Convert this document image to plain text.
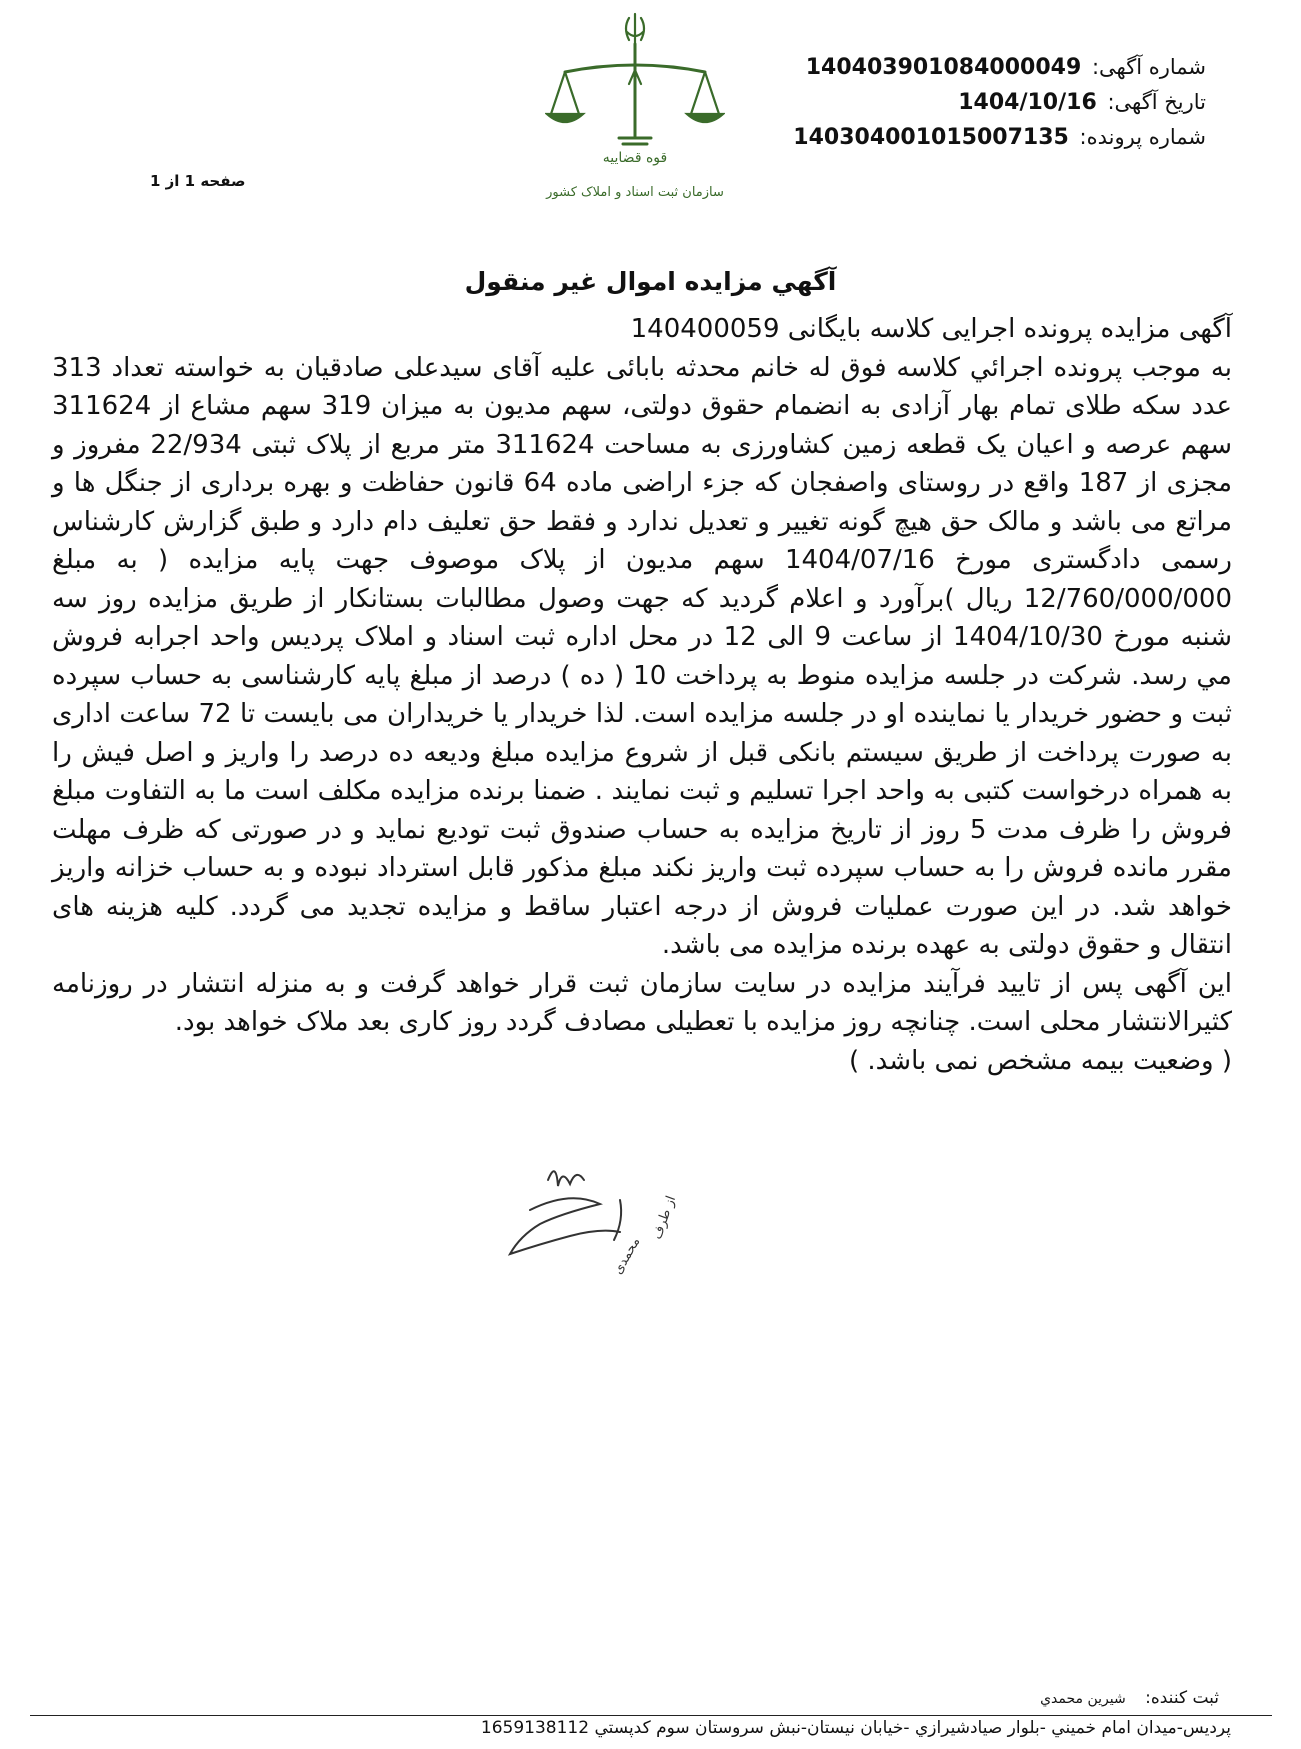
قوه قضاییه
سازمان ثبت اسناد و املاک کشور
شماره آگهی: 140403901084000049
تاریخ آگهی: 1404/10/16
شماره پرونده: 140304001015007135
صفحه 1 از 1
آگهي مزايده اموال غير منقول

آگهی مزایده پرونده اجرایی کلاسه بایگانی 140400059

به موجب پرونده اجرائي كلاسه فوق له خانم محدثه بابائی علیه آقای سیدعلی صادقیان به خواسته تعداد 313 عدد سکه طلای تمام بهار آزادی به انضمام حقوق دولتی، سهم مدیون به میزان 319 سهم مشاع از 311624 سهم عرصه و اعیان یک قطعه زمین کشاورزی به مساحت 311624 متر مربع از پلاک ثبتی 22/934 مفروز و مجزی از 187 واقع در روستای واصفجان که جزء اراضی ماده 64 قانون حفاظت و بهره برداری از جنگل ها و مراتع می باشد و مالک حق هیچ گونه تغییر و تعدیل ندارد و فقط حق تعلیف دام دارد و طبق گزارش کارشناس رسمی دادگستری مورخ 1404/07/16 سهم مدیون از پلاک موصوف جهت پایه مزایده ( به مبلغ 12/760/000/000 ریال )برآورد و اعلام گردید که جهت وصول مطالبات بستانکار از طریق مزایده روز سه شنبه مورخ 1404/10/30 از ساعت 9 الی 12 در محل اداره ثبت اسناد و املاک پردیس واحد اجرابه فروش مي رسد. شرکت در جلسه مزایده منوط به پرداخت 10 ( ده ) درصد از مبلغ پایه کارشناسی به حساب سپرده ثبت و حضور خریدار یا نماینده او در جلسه مزایده است. لذا خریدار یا خریداران می بایست تا 72 ساعت اداری به صورت پرداخت از طریق سیستم بانکی قبل از شروع مزایده مبلغ ودیعه ده درصد را واریز و اصل فیش را به همراه درخواست کتبی به واحد اجرا تسلیم و ثبت نمایند . ضمنا برنده مزایده مکلف است ما به التفاوت مبلغ فروش را ظرف مدت 5 روز از تاریخ مزایده به حساب صندوق ثبت تودیع نماید و در صورتی که ظرف مهلت مقرر مانده فروش را به حساب سپرده ثبت واریز نکند مبلغ مذکور قابل استرداد نبوده و به حساب خزانه واریز خواهد شد. در این صورت عملیات فروش از درجه اعتبار ساقط و مزایده تجدید می گردد. کلیه هزینه های انتقال و حقوق دولتی به عهده برنده مزایده می باشد.

این آگهی پس از تایید فرآیند مزایده در سایت سازمان ثبت قرار خواهد گرفت و به منزله انتشار در روزنامه کثیرالانتشار محلی است. چنانچه روز مزایده با تعطیلی مصادف گردد روز کاری بعد ملاک خواهد بود.

( وضعیت بیمه مشخص نمی باشد. )

از طرف
محمدی
ثبت کننده: شيرين محمدي
پرديس-ميدان امام خميني -بلوار صيادشيرازي -خيابان نيستان-نبش سروستان سوم كدپستي 1659138112
